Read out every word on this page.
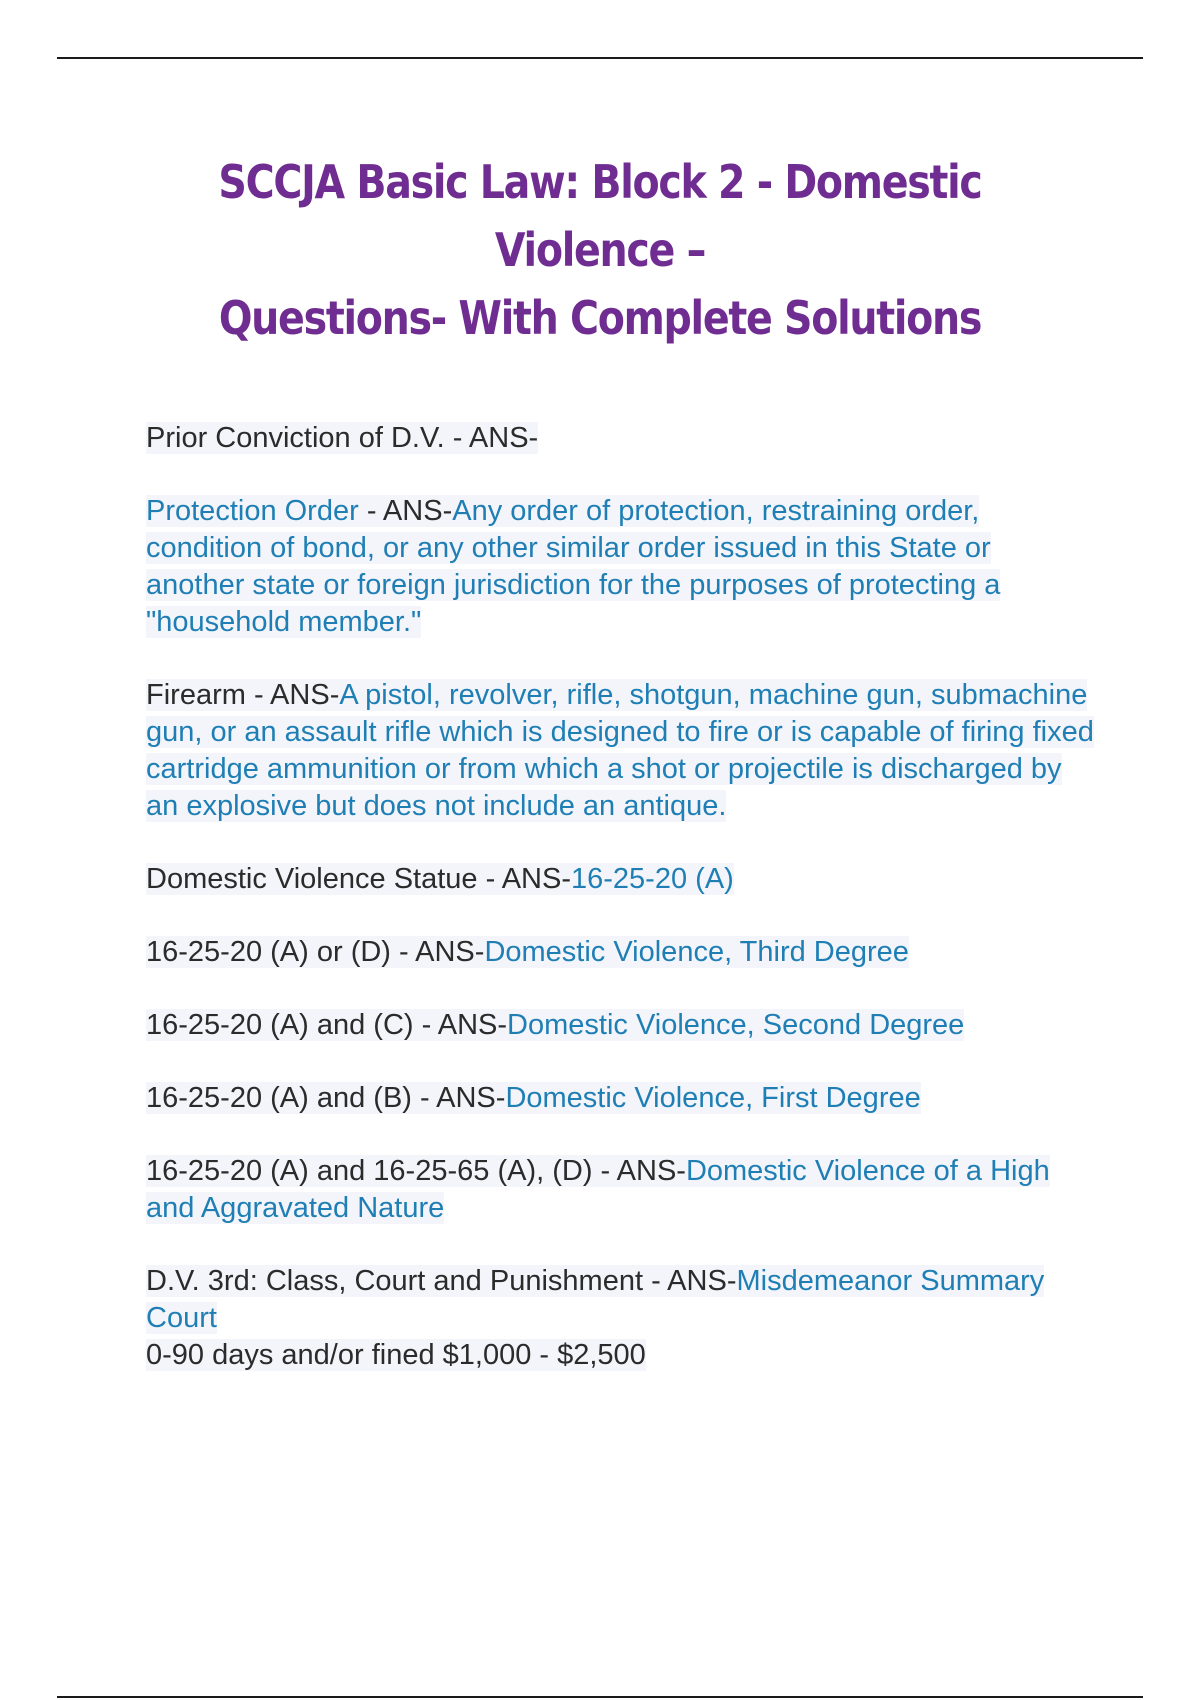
SCCJA Basic Law: Block 2 - Domestic Violence –
Questions- With Complete Solutions

Prior Conviction of D.V. - ANS-

Protection Order - ANS-Any order of protection, restraining order, condition of bond, or any other similar order issued in this State or another state or foreign jurisdiction for the purposes of protecting a "household member."

Firearm - ANS-A pistol, revolver, rifle, shotgun, machine gun, submachine gun, or an assault rifle which is designed to fire or is capable of firing fixed cartridge ammunition or from which a shot or projectile is discharged by an explosive but does not include an antique.

Domestic Violence Statue - ANS-16-25-20 (A)

16-25-20 (A) or (D) - ANS-Domestic Violence, Third Degree

16-25-20 (A) and (C) - ANS-Domestic Violence, Second Degree

16-25-20 (A) and (B) - ANS-Domestic Violence, First Degree

16-25-20 (A) and 16-25-65 (A), (D) - ANS-Domestic Violence of a High and Aggravated Nature

D.V. 3rd: Class, Court and Punishment - ANS-Misdemeanor Summary Court
0-90 days and/or fined $1,000 - $2,500
